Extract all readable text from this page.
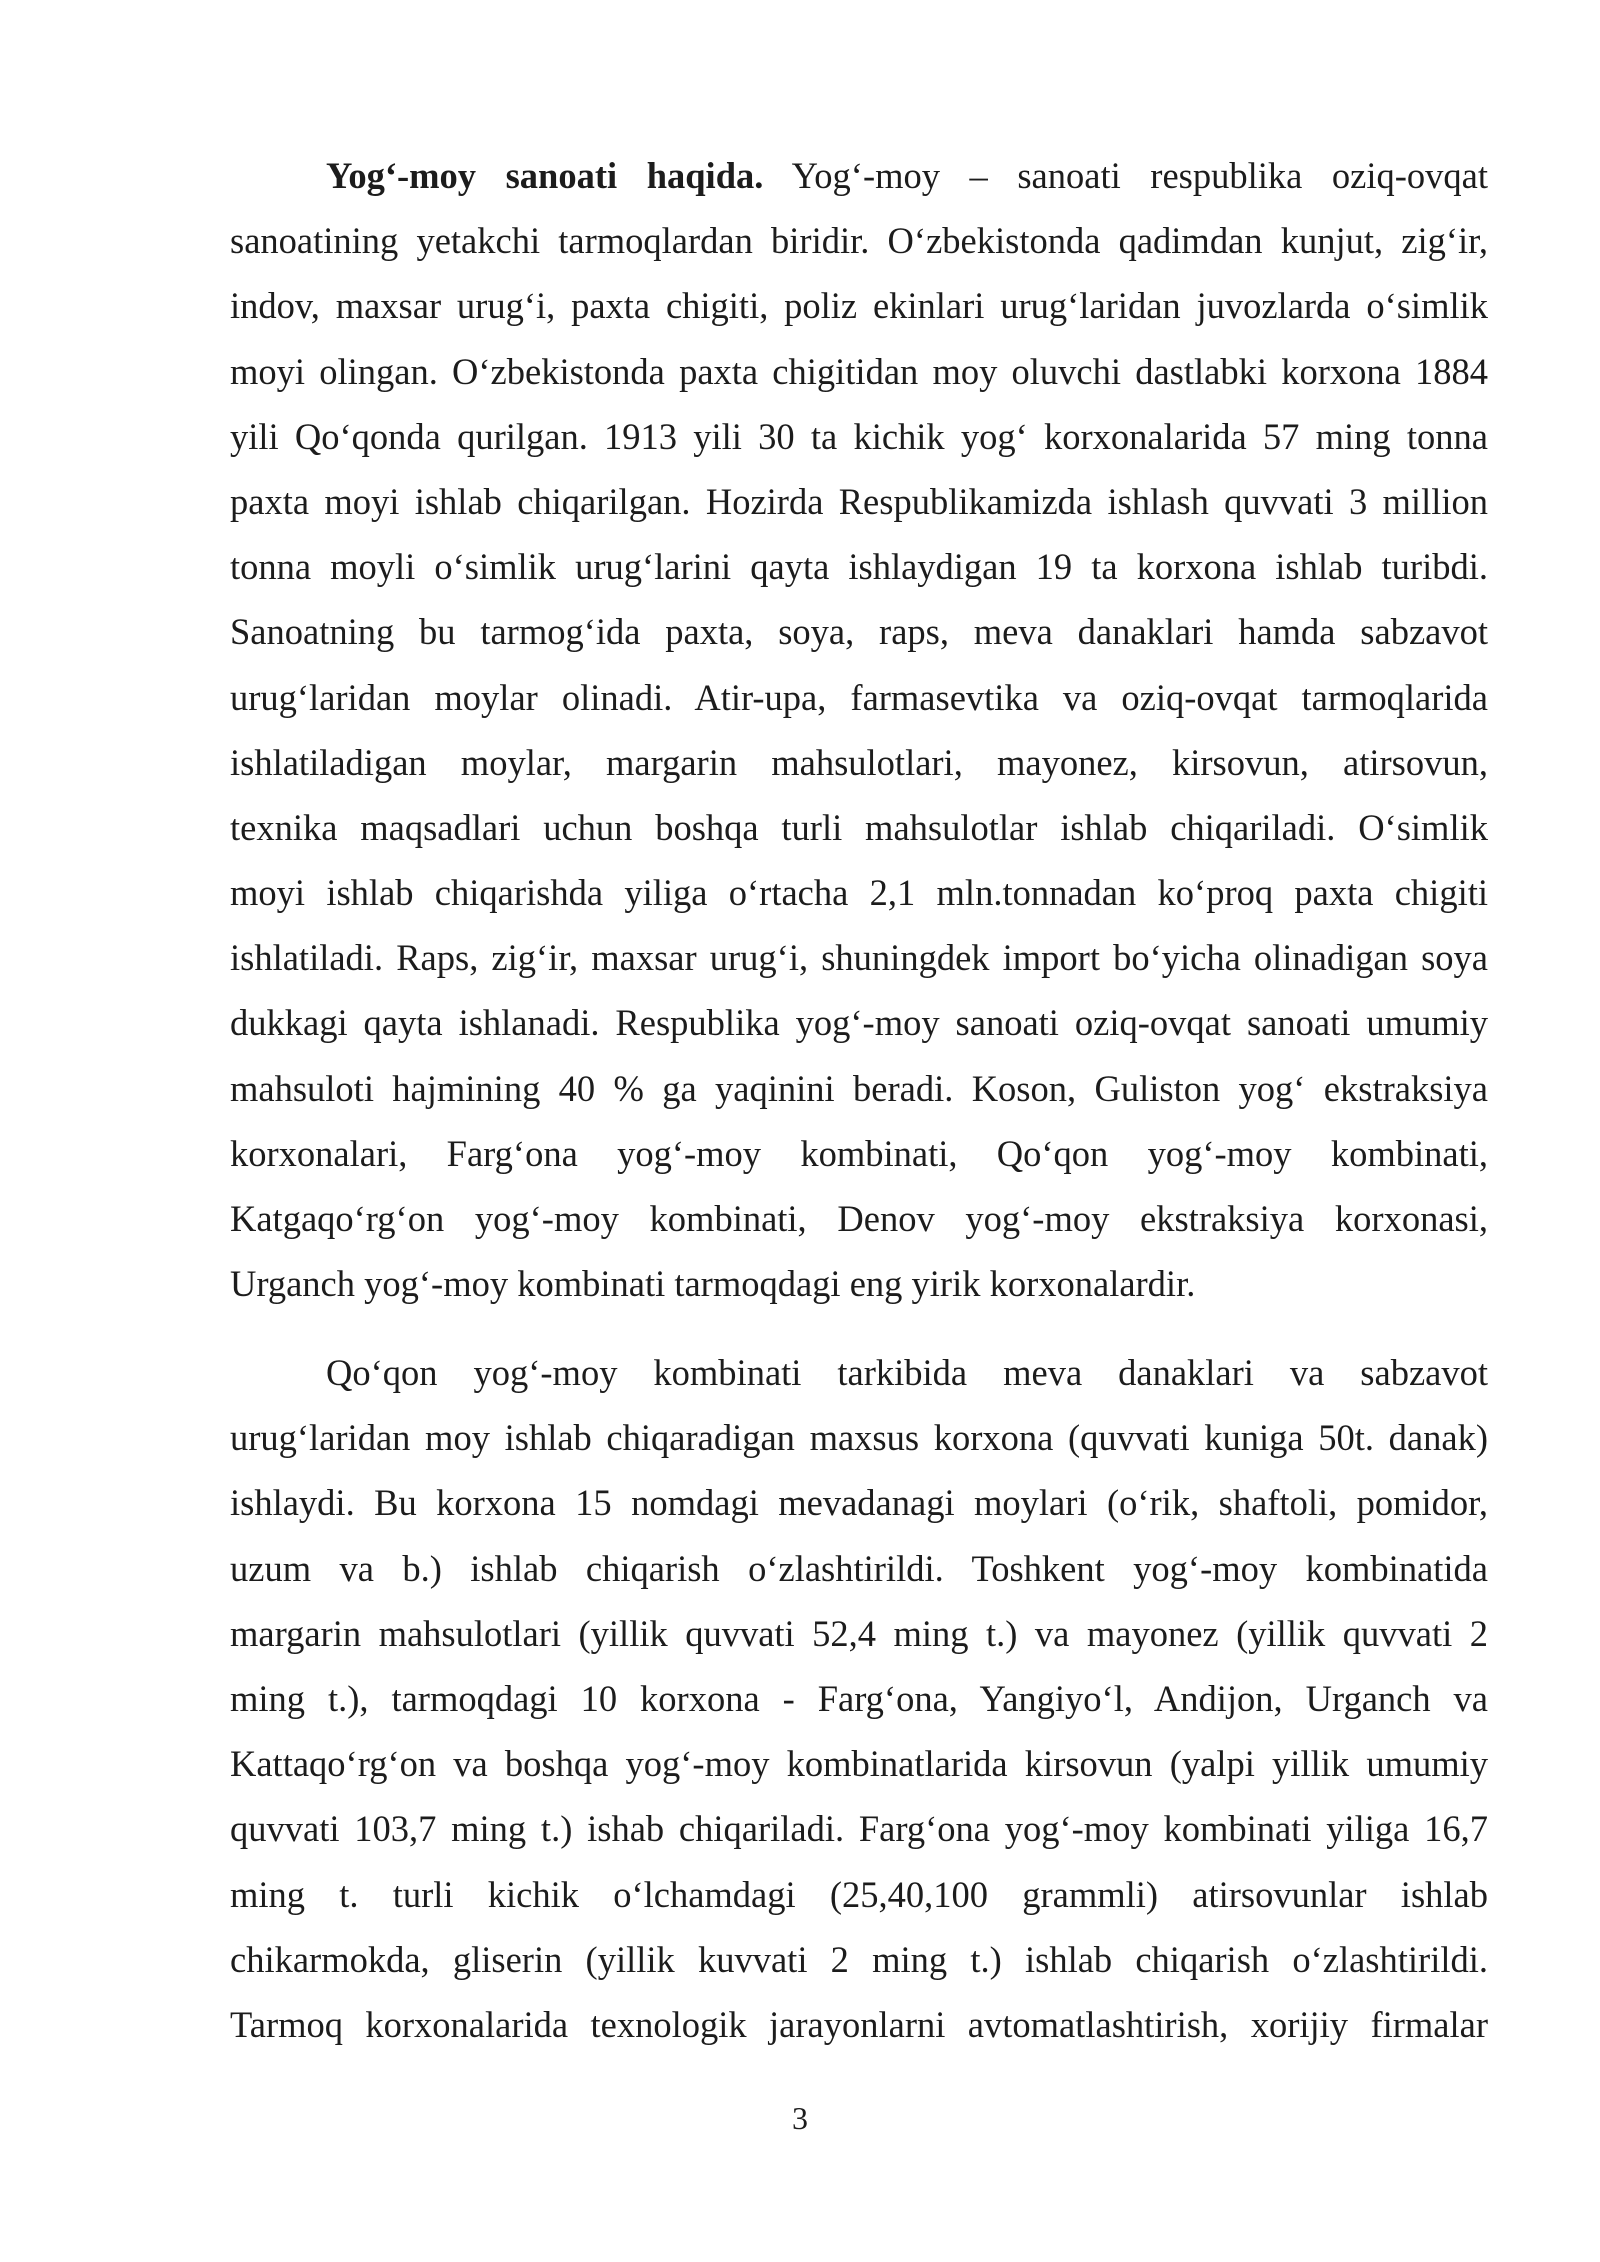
Yog‘-moy sanoati haqida. Yog‘-moy – sanoati respublika oziq-ovqat
sanoatining yetakchi tarmoqlardan biridir. O‘zbekistonda qadimdan kunjut, zig‘ir,
indov, maxsar urug‘i, paxta chigiti, poliz ekinlari urug‘laridan juvozlarda o‘simlik
moyi olingan. O‘zbekistonda paxta chigitidan moy oluvchi dastlabki korxona 1884
yili Qo‘qonda qurilgan. 1913 yili 30 ta kichik yog‘ korxonalarida 57 ming tonna
paxta moyi ishlab chiqarilgan. Hozirda Respublikamizda ishlash quvvati 3 million
tonna moyli o‘simlik urug‘larini qayta ishlaydigan 19 ta korxona ishlab turibdi.
Sanoatning bu tarmog‘ida paxta, soya, raps, meva danaklari hamda sabzavot
urug‘laridan moylar olinadi. Atir-upa, farmasevtika va oziq-ovqat tarmoqlarida
ishlatiladigan moylar, margarin mahsulotlari, mayonez, kirsovun, atirsovun,
texnika maqsadlari uchun boshqa turli mahsulotlar ishlab chiqariladi. O‘simlik
moyi ishlab chiqarishda yiliga o‘rtacha 2,1 mln.tonnadan ko‘proq paxta chigiti
ishlatiladi. Raps, zig‘ir, maxsar urug‘i, shuningdek import bo‘yicha olinadigan soya
dukkagi qayta ishlanadi. Respublika yog‘-moy sanoati oziq-ovqat sanoati umumiy
mahsuloti hajmining 40 % ga yaqinini beradi. Koson, Guliston yog‘ ekstraksiya
korxonalari, Farg‘ona yog‘-moy kombinati, Qo‘qon yog‘-moy kombinati,
Katgaqo‘rg‘on yog‘-moy kombinati, Denov yog‘-moy ekstraksiya korxonasi,
Urganch yog‘-moy kombinati tarmoqdagi eng yirik korxonalardir.
Qo‘qon yog‘-moy kombinati tarkibida meva danaklari va sabzavot
urug‘laridan moy ishlab chiqaradigan maxsus korxona (quvvati kuniga 50t. danak)
ishlaydi. Bu korxona 15 nomdagi mevadanagi moylari (o‘rik, shaftoli, pomidor,
uzum va b.) ishlab chiqarish o‘zlashtirildi. Toshkent yog‘-moy kombinatida
margarin mahsulotlari (yillik quvvati 52,4 ming t.) va mayonez (yillik quvvati 2
ming t.), tarmoqdagi 10 korxona - Farg‘ona, Yangiyo‘l, Andijon, Urganch va
Kattaqo‘rg‘on va boshqa yog‘-moy kombinatlarida kirsovun (yalpi yillik umumiy
quvvati 103,7 ming t.) ishab chiqariladi. Farg‘ona yog‘-moy kombinati yiliga 16,7
ming t. turli kichik o‘lchamdagi (25,40,100 grammli) atirsovunlar ishlab
chikarmokda, gliserin (yillik kuvvati 2 ming t.) ishlab chiqarish o‘zlashtirildi.
Tarmoq korxonalarida texnologik jarayonlarni avtomatlashtirish, xorijiy firmalar
3
